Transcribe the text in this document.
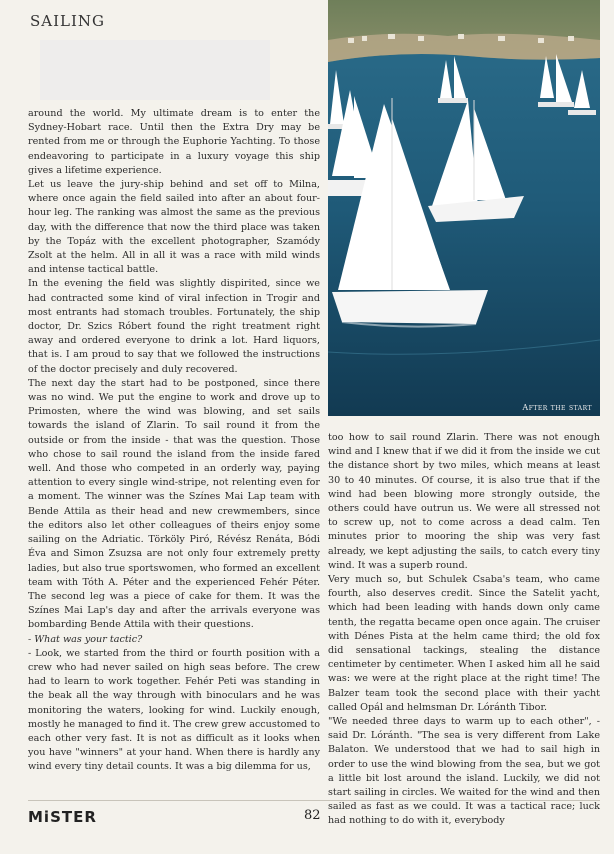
SAILING

around the world. My ultimate dream is to enter the Sydney-Hobart race. Until then the Extra Dry may be rented from me or through the Euphorie Yachting. To those endeavoring to participate in a luxury voyage this ship gives a lifetime experience.

Let us leave the jury-ship behind and set off to Milna, where once again the field sailed into after an about four-hour leg. The ranking was almost the same as the previous day, with the difference that now the third place was taken by the Topáz with the excellent photographer, Szamódy Zsolt at the helm. All in all it was a race with mild winds and intense tactical battle.

In the evening the field was slightly dispirited, since we had contracted some kind of viral infection in Trogir and most entrants had stomach troubles. Fortunately, the ship doctor, Dr. Szics Róbert found the right treatment right away and ordered everyone to drink a lot. Hard liquors, that is. I am proud to say that we followed the instructions of the doctor precisely and duly recovered.

The next day the start had to be postponed, since there was no wind. We put the engine to work and drove up to Primosten, where the wind was blowing, and set sails towards the island of Zlarin. To sail round it from the outside or from the inside - that was the question. Those who chose to sail round the island from the inside fared well. And those who competed in an orderly way, paying attention to every single wind-stripe, not relenting even for a moment. The winner was the Színes Mai Lap team with Bende Attila as their head and new crewmembers, since the editors also let other colleagues of theirs enjoy some sailing on the Adriatic. Törköly Piró, Révész Renáta, Bódi Éva and Simon Zsuzsa are not only four extremely pretty ladies, but also true sportswomen, who formed an excellent team with Tóth A. Péter and the experienced Fehér Péter. The second leg was a piece of cake for them. It was the Színes Mai Lap's day and after the arrivals everyone was bombarding Bende Attila with their questions.

- What was your tactic?

- Look, we started from the third or fourth position with a crew who had never sailed on high seas before. The crew had to learn to work together. Fehér Peti was standing in the beak all the way through with binoculars and he was monitoring the waters, looking for wind. Luckily enough, mostly he managed to find it. The crew grew accustomed to each other very fast. It is not as difficult as it looks when you have "winners" at your hand. When there is hardly any wind every tiny detail counts. It was a big dilemma for us,

After the start

too how to sail round Zlarin. There was not enough wind and I knew that if we did it from the inside we cut the distance short by two miles, which means at least 30 to 40 minutes. Of course, it is also true that if the wind had been blowing more strongly outside, the others could have outrun us. We were all stressed not to screw up, not to come across a dead calm. Ten minutes prior to mooring the ship was very fast already, we kept adjusting the sails, to catch every tiny wind. It was a superb round.

Very much so, but Schulek Csaba's team, who came fourth, also deserves credit. Since the Satelit yacht, which had been leading with hands down only came tenth, the regatta became open once again. The cruiser with Dénes Pista at the helm came third; the old fox did sensational tackings, stealing the distance centimeter by centimeter. When I asked him all he said was: we were at the right place at the right time! The Balzer team took the second place with their yacht called Opál and helmsman Dr. Lóránth Tibor.

"We needed three days to warm up to each other", - said Dr. Lóránth. "The sea is very different from Lake Balaton. We understood that we had to sail high in order to use the wind blowing from the sea, but we got a little bit lost around the island. Luckily, we did not start sailing in circles. We waited for the wind and then sailed as fast as we could. It was a tactical race; luck had nothing to do with it, everybody

MiSTER	82
